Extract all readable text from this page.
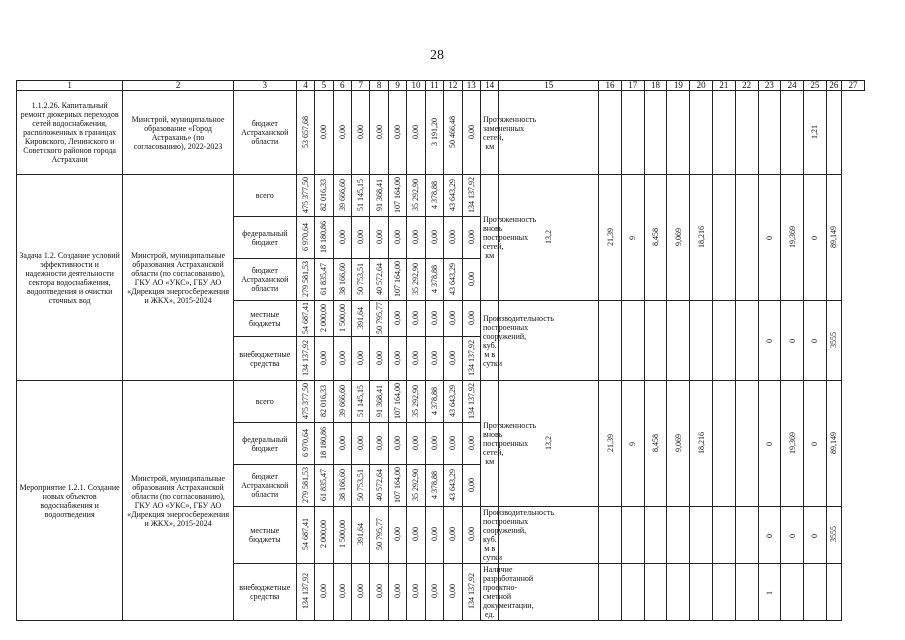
28
1	2	3	4	5	6	7	8	9	10	11	12	13	14	15	16	17	18	19	20	21	22	23	24	25	26	27

1.1.2.26. Капитальный ремонт дюкерных переходов сетей водоснабжения, расположенных в границах Кировского, Ленинского и Советского районов города Астрахани	Минстрой, муниципальное образование «Город Астрахань» (по согласованию), 2022-2023	бюджет Астраханской области	53 657,68	0,00	0,00	0,00	0,00	0,00	0,00	3 191,20	50 466,48	0,00	Протяженность замененных сетей, км											1,21		

Задача 1.2. Создание условий эффективности и надежности деятельности сектора водоснабжения, водоотведения и очистки сточных вод	Минстрой, муниципальные образования Астраханской области (по согласованию), ГКУ АО «УКС», ГБУ АО «Дирекция энергосбережения и ЖКХ», 2015-2024	всего	475 377,50	82 016,33	39 666,60	51 145,15	91 368,41	107 164,00	35 292,90	4 378,88	43 643,29	134 137,92	Протяженность вновь построенных сетей, км	13,2	21,39	9	8,458	9,069	18,216			0	19,369	0	89,149	

		федеральный бюджет	6 970,64	18 180,86	0,00	0,00	0,00	0,00	0,00	0,00	0,00	0,00														

		бюджет Астраханской области	279 581,53	61 835,47	38 166,60	50 753,51	40 572,64	107 164,00	35 292,90	4 378,88	43 643,29	0,00														

		местные бюджеты	54 687,41	2 000,00	1 500,00	391,64	50 795,77	0,00	0,00	0,00	0,00	0,00	Производительность построенных сооружений, куб. м в сутки									0	0	0	3555	

		внебюджетные средства	134 137,92	0,00	0,00	0,00	0,00	0,00	0,00	0,00	0,00	134 137,92														

Мероприятие 1.2.1. Создание новых объектов водоснабжения и водоотведения	Минстрой, муниципальные образования Астраханской области (по согласованию), ГКУ АО «УКС», ГБУ АО «Дирекция энергосбережения и ЖКХ», 2015-2024	всего	475 377,50	82 016,33	39 666,60	51 145,15	91 368,41	107 164,00	35 292,90	4 378,88	43 643,29	134 137,92	Протяженность вновь построенных сетей, км	13,2	21,39	9	8,458	9,069	18,216			0	19,369	0	89,149	

		федеральный бюджет	6 970,64	18 180,86	0,00	0,00	0,00	0,00	0,00	0,00	0,00	0,00														

		бюджет Астраханской области	279 581,53	61 835,47	38 166,60	50 753,51	40 572,64	107 164,00	35 292,90	4 378,88	43 643,29	0,00														

		местные бюджеты	54 687,41	2 000,00	1 500,00	391,64	50 795,77	0,00	0,00	0,00	0,00	0,00	Производительность построенных сооружений, куб. м в сутки									0	0	0	3555	

		внебюджетные средства	134 137,92	0,00	0,00	0,00	0,00	0,00	0,00	0,00	0,00	134 137,92	Наличие разработанной проектно-сметной документации, ед.									1				
